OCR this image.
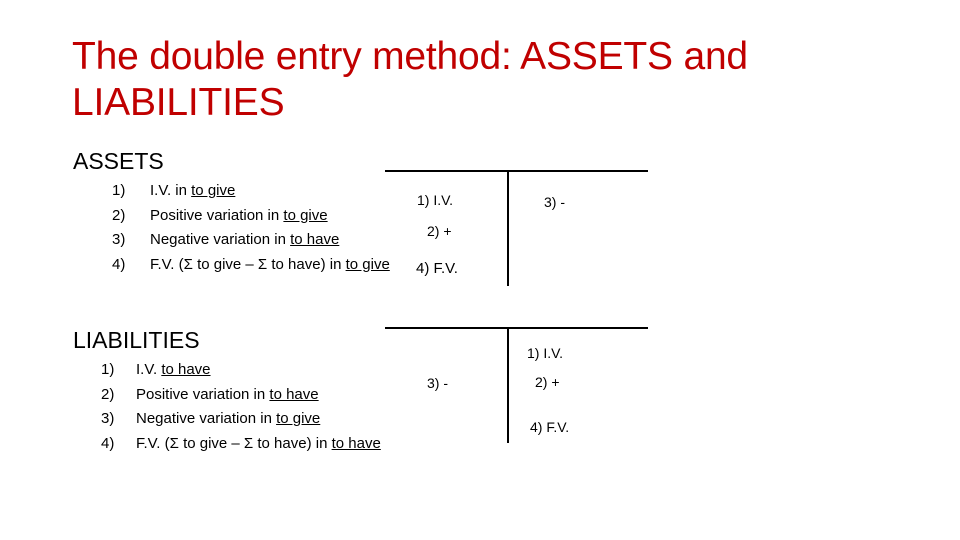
The double entry method: ASSETS and LIABILITIES
ASSETS
1) I.V. in to give
2) Positive variation in to give
3) Negative variation in to have
4) F.V. (Σ to give – Σ to have) in to give
1) I.V.
2) +
4) F.V.
3) -
LIABILITIES
1) I.V. to have
2) Positive variation in to have
3) Negative variation in to give
4) F.V. (Σ to give – Σ to have) in to have
3) -
1) I.V.
2) +
4) F.V.
